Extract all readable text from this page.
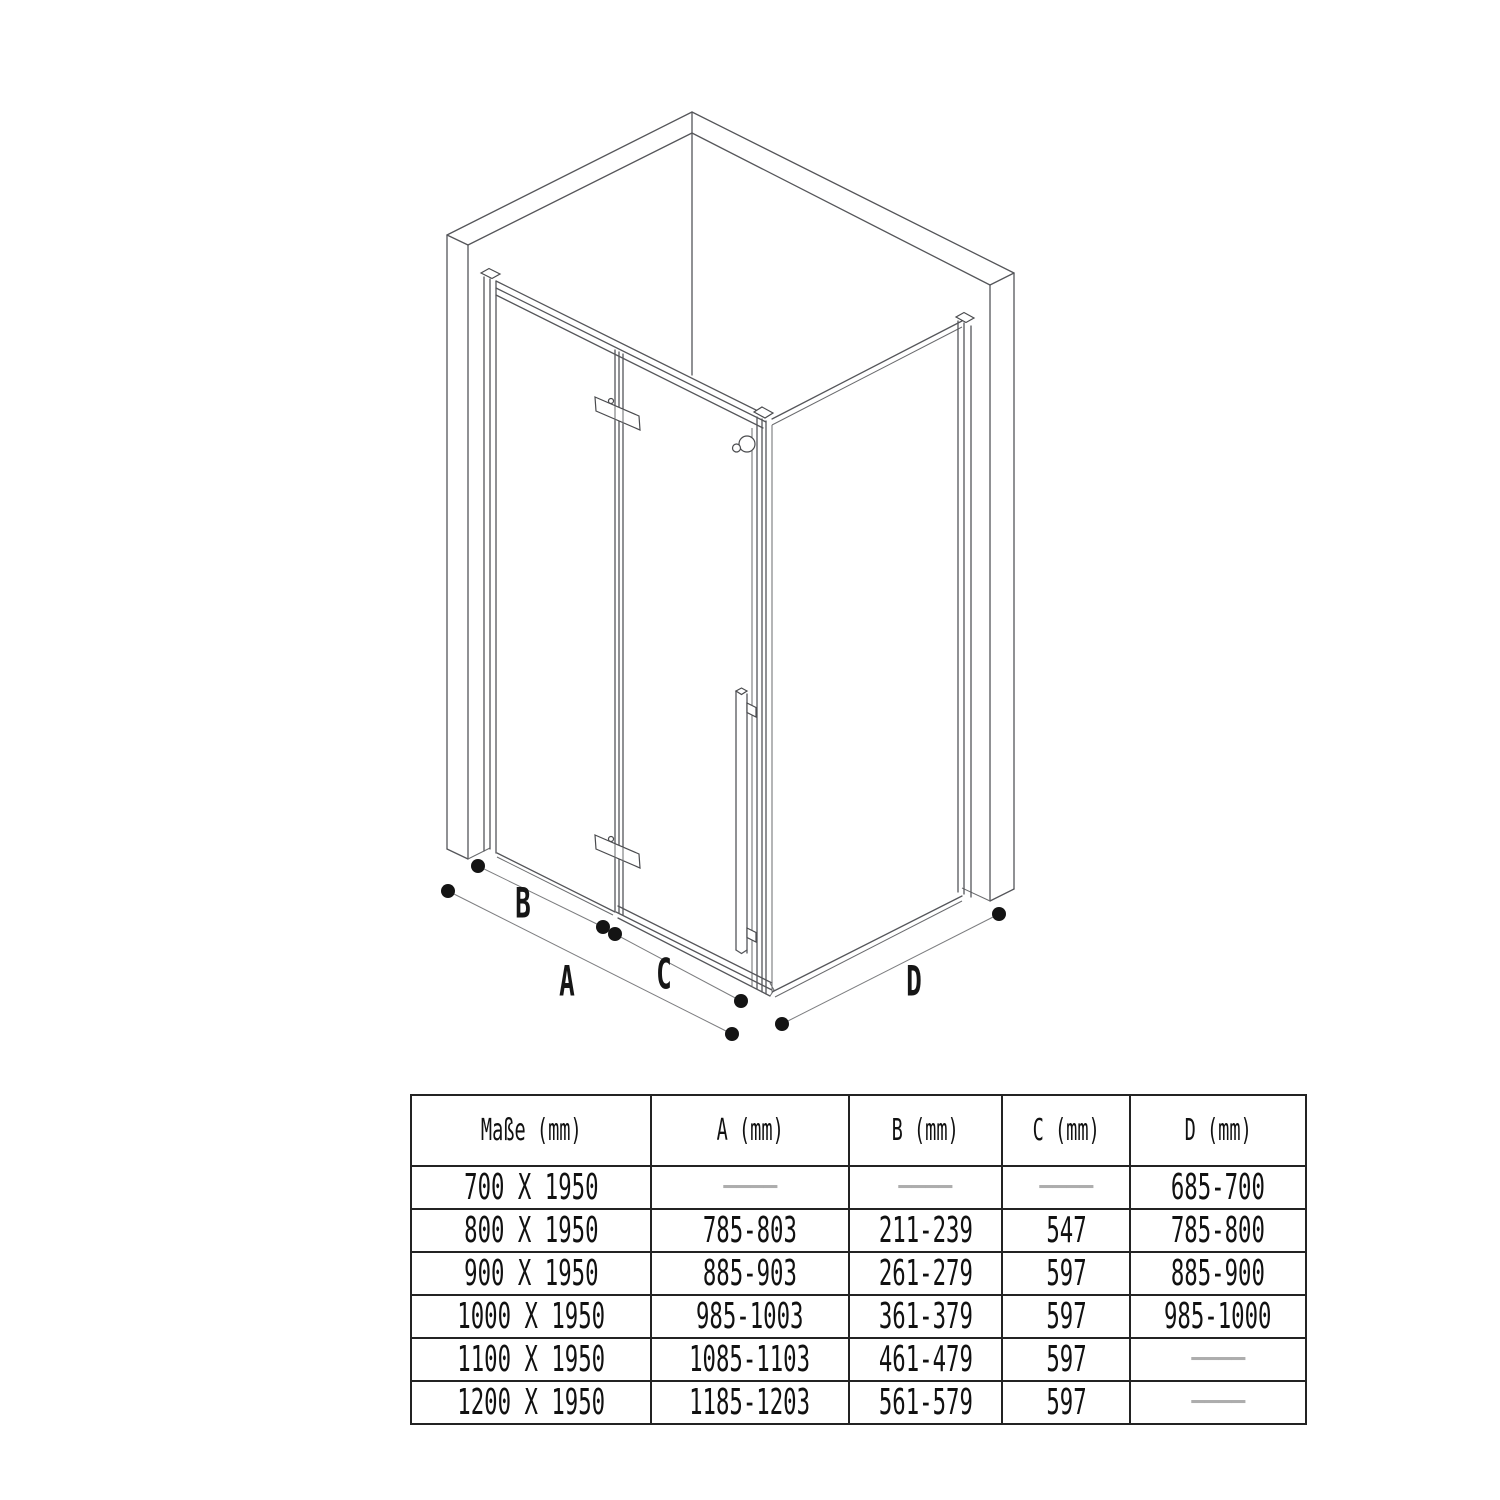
B
A C	D
Maße (mm)	A (mm)	B (mm)	C (mm)	D (mm)
700 X 1950	────	────	────	685-700
800 X 1950	785-803	211-239	547	785-800
900 X 1950	885-903	261-279	597	885-900
1000 X 1950	985-1003	361-379	597	985-1000
1100 X 1950	1085-1103	461-479	597	────
1200 X 1950	1185-1203	561-579	597	────
